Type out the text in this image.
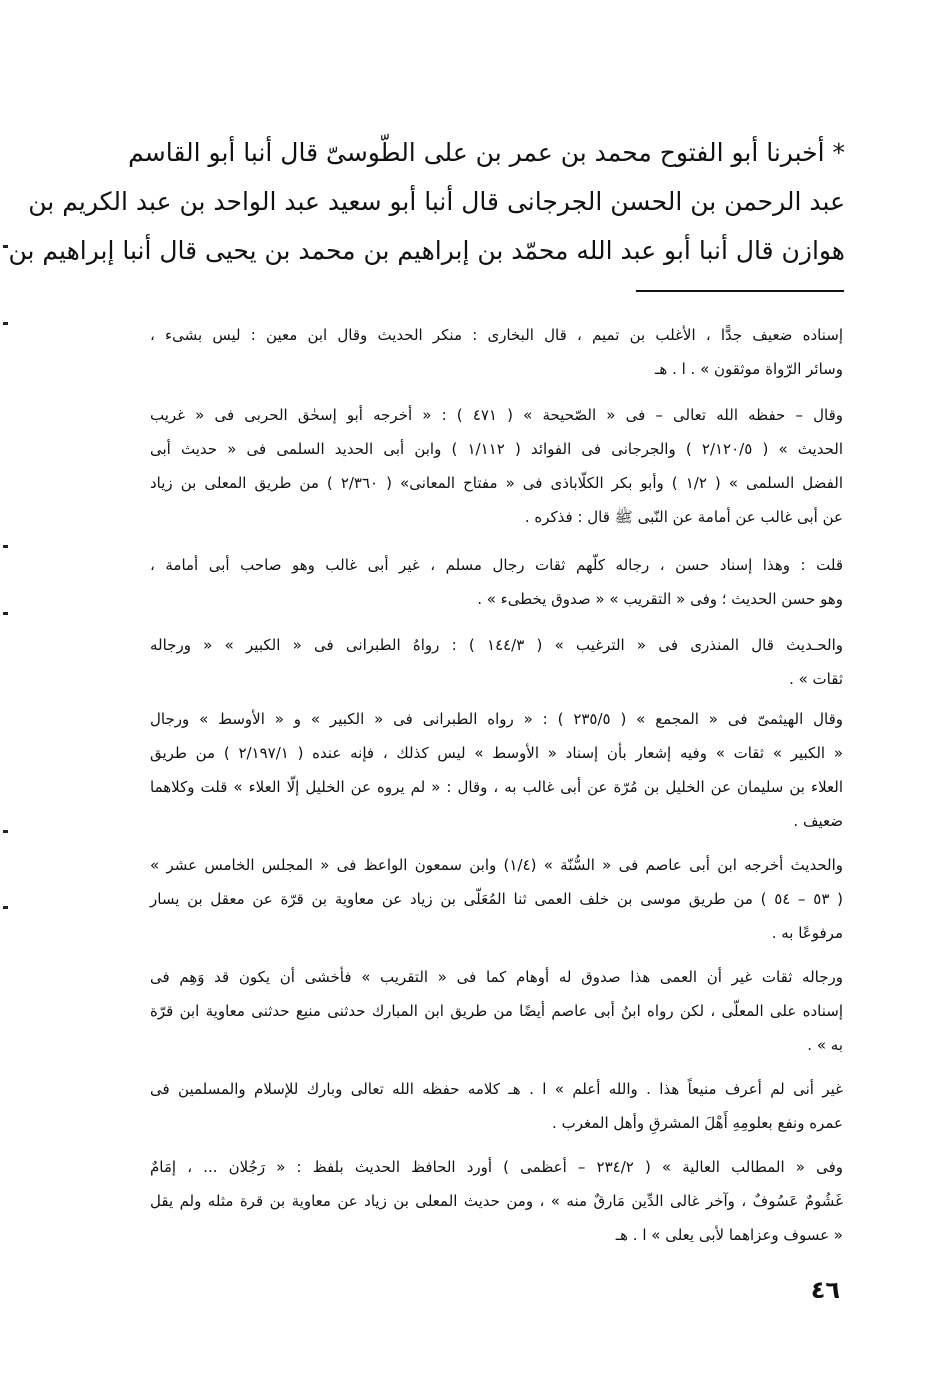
* أخبرنا أبو الفتوح محمد بن عمر بن على الطّوسىّ قال أنبا أبو القاسم
عبد الرحمن بن الحسن الجرجانى قال أنبا أبو سعيد عبد الواحد بن عبد الكريم بن
هوازن قال أنبا أبو عبد الله محمّد بن إبراهيم بن محمد بن يحيى قال أنبا إبراهيم بن
إسناده ضعيف جدًّا ، الأغلب بن تميم ، قال البخارى : منكر الحديث وقال ابن معين : ليس بشىء ،
وسائر الرّواة موثقون » . ا . هـ
وقال – حفظه الله تعالى – فى « الصّحيحة » ( ٤٧١ ) : « أخرجه أبو إسحٰق الحربى فى « غريب
الحديث » ( ٢/١٢٠/٥ ) والجرجانى فى الفوائد ( ١/١١٢ ) وابن أبى الحديد السلمى فى « حديث أبى
الفضل السلمى » ( ١/٢ ) وأبو بكر الكلّاباذى فى « مفتاح المعانى» ( ٢/٣٦٠ ) من طريق المعلى بن زياد
عن أبى غالب عن أمامة عن النّبى ﷺ قال : فذكره .
قلت : وهذا إسناد حسن ، رجاله كلّهم ثقات رجال مسلم ، غير أبى غالب وهو صاحب أبى أمامة ،
وهو حسن الحديث ؛ وفى « التقريب » « صدوق يخطىء » .
والحـديث قال المنذرى فى « الترغيب » ( ١٤٤/٣ ) : رواهُ الطبرانى فى « الكبير » « ورجاله
ثقات » .
وقال الهيثمىّ فى « المجمع » ( ٢٣٥/٥ ) : « رواه الطبرانى فى « الكبير » و « الأوسط » ورجال
« الكبير » ثقات » وفيه إشعار بأن إسناد « الأوسط » ليس كذلك ، فإنه عنده ( ٢/١٩٧/١ ) من طريق
العلاء بن سليمان عن الخليل بن مُرّة عن أبى غالب به ، وقال : « لم يروه عن الخليل إلّا العلاء » قلت وكلاهما
ضعيف .
والحديث أخرجه ابن أبى عاصم فى « السُّنّة » (١/٤) وابن سمعون الواعظ فى « المجلس الخامس عشر »
( ٥٣ – ٥٤ ) من طريق موسى بن خلف العمى ثنا المُعَلّى بن زياد عن معاوية بن قرّة عن معقل بن يسار
مرفوعًا به .
ورجاله ثقات غير أن العمى هذا صدوق له أوهام كما فى « التقريب » فأخشى أن يكون قد وَهِم فى
إسناده على المعلّى ، لكن رواه ابنُ أبى عاصم أيضًا من طريق ابن المبارك حدثنى منيع حدثنى معاوية ابن قرّة
به » .
غير أنى لم أعرف منيعاً هذا . والله أعلم » ا . هـ كلامه حفظه الله تعالى وبارك للإسلام والمسلمين فى
عمره ونفع بعلومِهِ أَهْلَ المشرقِ وأهل المغرب .
وفى « المطالب العالية » ( ٢٣٤/٢ – أعظمى ) أورد الحافظ الحديث بلفظ : « رَجُلان ... ، إمَامٌ
غَشُومٌ عَسُوفٌ ، وآخر غالى الدِّين مَارقٌ منه » ، ومن حديث المعلى بن زياد عن معاوية بن قرة مثله ولم يقل
« عسوف وعزاهما لأبى يعلى » ا . هـ
٤٦
